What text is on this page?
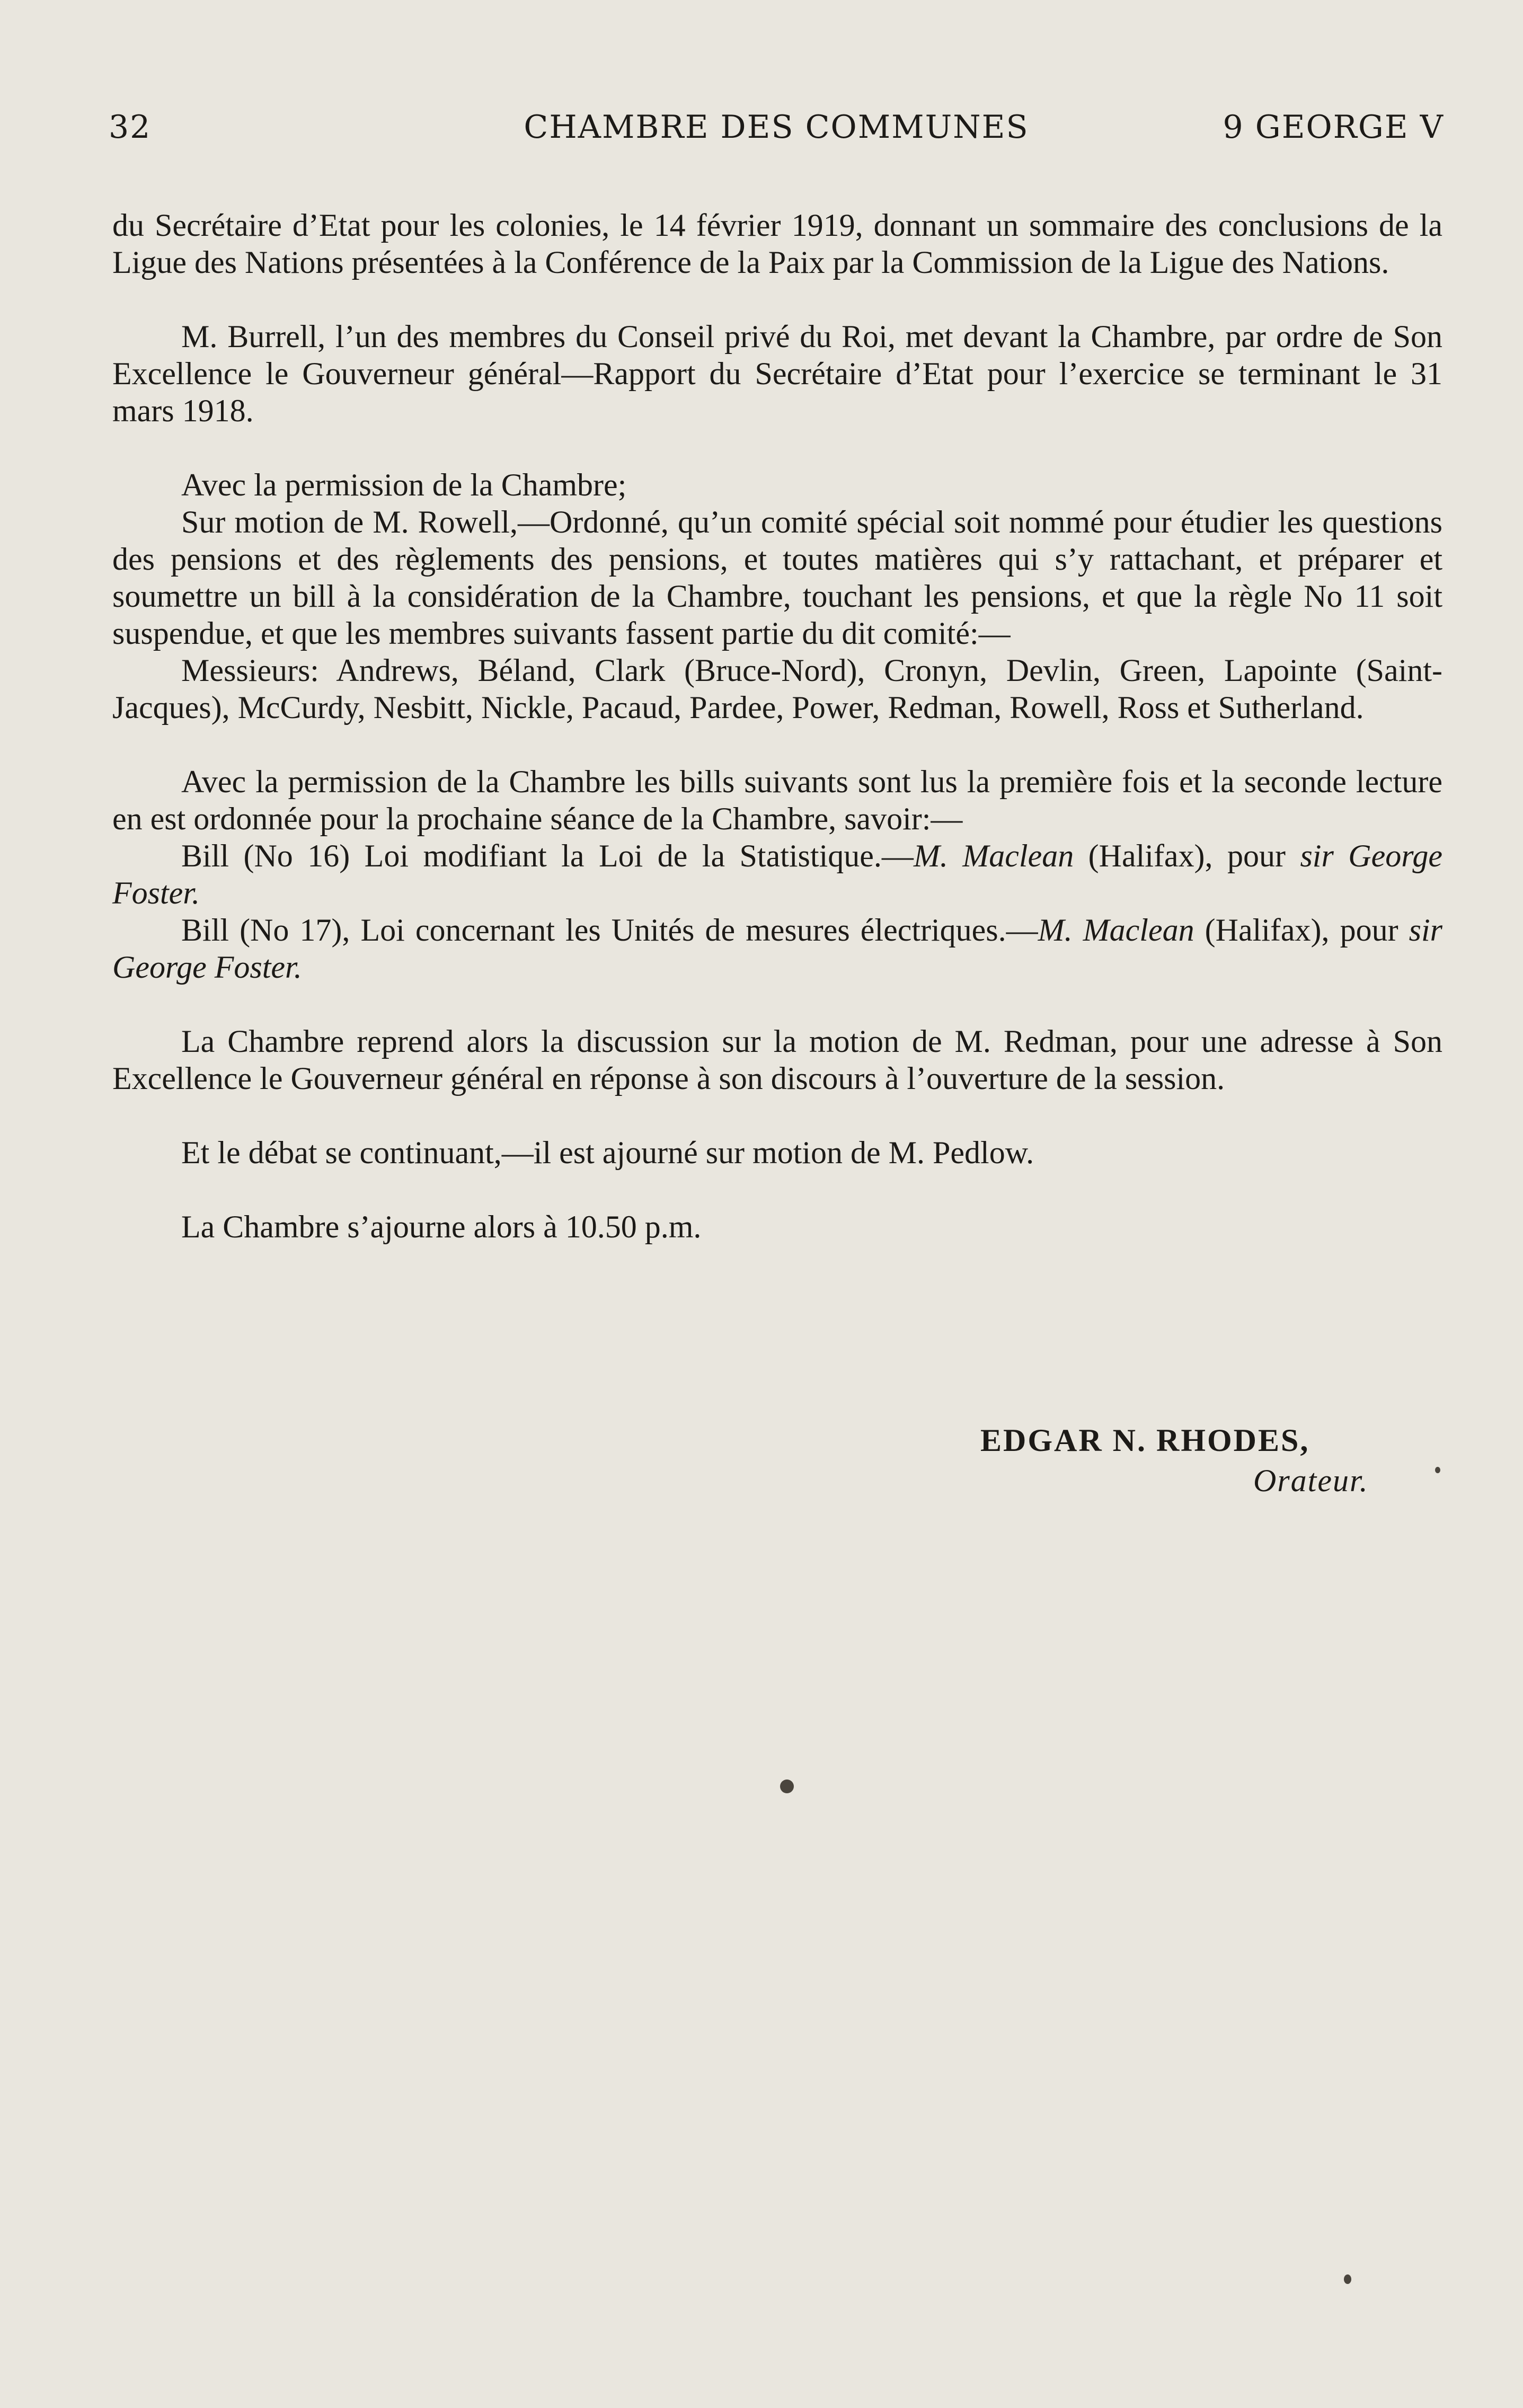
32	CHAMBRE DES COMMUNES	9 GEORGE V

du Secrétaire d’Etat pour les colonies, le 14 février 1919, donnant un sommaire des conclusions de la Ligue des Nations présentées à la Conférence de la Paix par la Commission de la Ligue des Nations.

M. Burrell, l’un des membres du Conseil privé du Roi, met devant la Chambre, par ordre de Son Excellence le Gouverneur général—Rapport du Secrétaire d’Etat pour l’exercice se terminant le 31 mars 1918.

Avec la permission de la Chambre;

Sur motion de M. Rowell,—Ordonné, qu’un comité spécial soit nommé pour étudier les questions des pensions et des règlements des pensions, et toutes matières qui s’y rattachant, et préparer et soumettre un bill à la considération de la Chambre, touchant les pensions, et que la règle No 11 soit suspendue, et que les membres suivants fassent partie du dit comité:—

Messieurs: Andrews, Béland, Clark (Bruce-Nord), Cronyn, Devlin, Green, Lapointe (Saint-Jacques), McCurdy, Nesbitt, Nickle, Pacaud, Pardee, Power, Redman, Rowell, Ross et Sutherland.

Avec la permission de la Chambre les bills suivants sont lus la première fois et la seconde lecture en est ordonnée pour la prochaine séance de la Chambre, savoir:—

Bill (No 16) Loi modifiant la Loi de la Statistique.—M. Maclean (Halifax), pour sir George Foster.

Bill (No 17), Loi concernant les Unités de mesures électriques.—M. Maclean (Halifax), pour sir George Foster.

La Chambre reprend alors la discussion sur la motion de M. Redman, pour une adresse à Son Excellence le Gouverneur général en réponse à son discours à l’ouverture de la session.

Et le débat se continuant,—il est ajourné sur motion de M. Pedlow.

La Chambre s’ajourne alors à 10.50 p.m.

EDGAR N. RHODES,
Orateur.
